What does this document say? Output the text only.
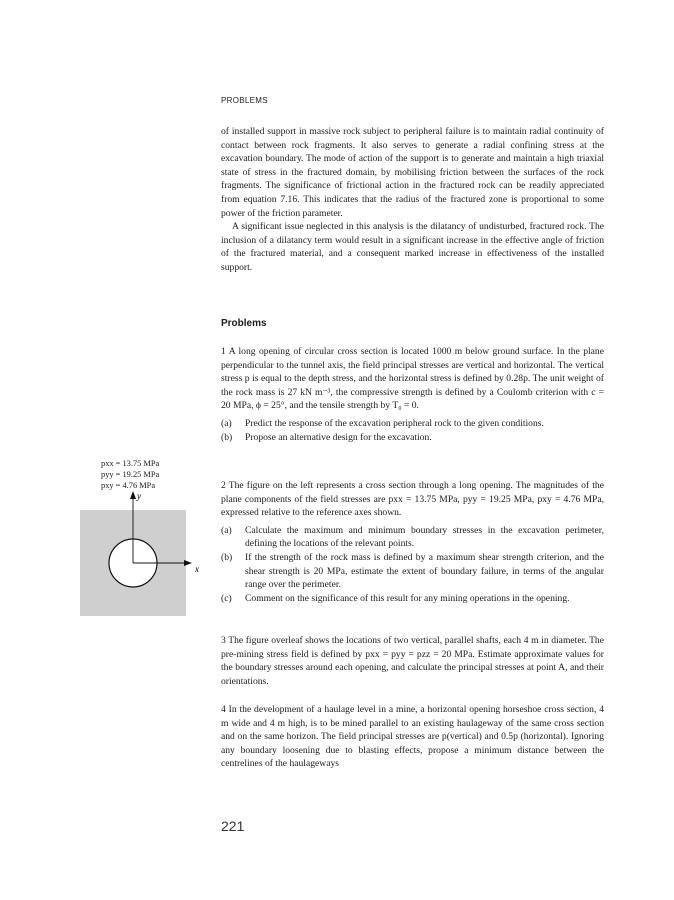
PROBLEMS

of installed support in massive rock subject to peripheral failure is to maintain radial continuity of contact between rock fragments. It also serves to generate a radial confining stress at the excavation boundary. The mode of action of the support is to generate and maintain a high triaxial state of stress in the fractured domain, by mobilising friction between the surfaces of the rock fragments. The significance of frictional action in the fractured rock can be readily appreciated from equation 7.16. This indicates that the radius of the fractured zone is proportional to some power of the friction parameter.

A significant issue neglected in this analysis is the dilatancy of undisturbed, fractured rock. The inclusion of a dilatancy term would result in a significant increase in the effective angle of friction of the fractured material, and a consequent marked increase in effectiveness of the installed support.

Problems

1 A long opening of circular cross section is located 1000 m below ground surface. In the plane perpendicular to the tunnel axis, the field principal stresses are vertical and horizontal. The vertical stress p is equal to the depth stress, and the horizontal stress is defined by 0.28p. The unit weight of the rock mass is 27 kN m⁻³, the compressive strength is defined by a Coulomb criterion with c = 20 MPa, ϕ = 25°, and the tensile strength by T₀ = 0.

(a) Predict the response of the excavation peripheral rock to the given conditions.
(b) Propose an alternative design for the excavation.

2 The figure on the left represents a cross section through a long opening. The magnitudes of the plane components of the field stresses are pxx = 13.75 MPa, pyy = 19.25 MPa, pxy = 4.76 MPa, expressed relative to the reference axes shown.

(a) Calculate the maximum and minimum boundary stresses in the excavation perimeter, defining the locations of the relevant points.
(b) If the strength of the rock mass is defined by a maximum shear strength criterion, and the shear strength is 20 MPa, estimate the extent of boundary failure, in terms of the angular range over the perimeter.
(c) Comment on the significance of this result for any mining operations in the opening.

3 The figure overleaf shows the locations of two vertical, parallel shafts, each 4 m in diameter. The pre-mining stress field is defined by pxx = pyy = pzz = 20 MPa. Estimate approximate values for the boundary stresses around each opening, and calculate the principal stresses at point A, and their orientations.

4 In the development of a haulage level in a mine, a horizontal opening horseshoe cross section, 4 m wide and 4 m high, is to be mined parallel to an existing haulageway of the same cross section and on the same horizon. The field principal stresses are p(vertical) and 0.5p (horizontal). Ignoring any boundary loosening due to blasting effects, propose a minimum distance between the centrelines of the haulageways

pxx = 13.75 MPa
pyy = 19.25 MPa
pxy = 4.76 MPa
y
x
221
